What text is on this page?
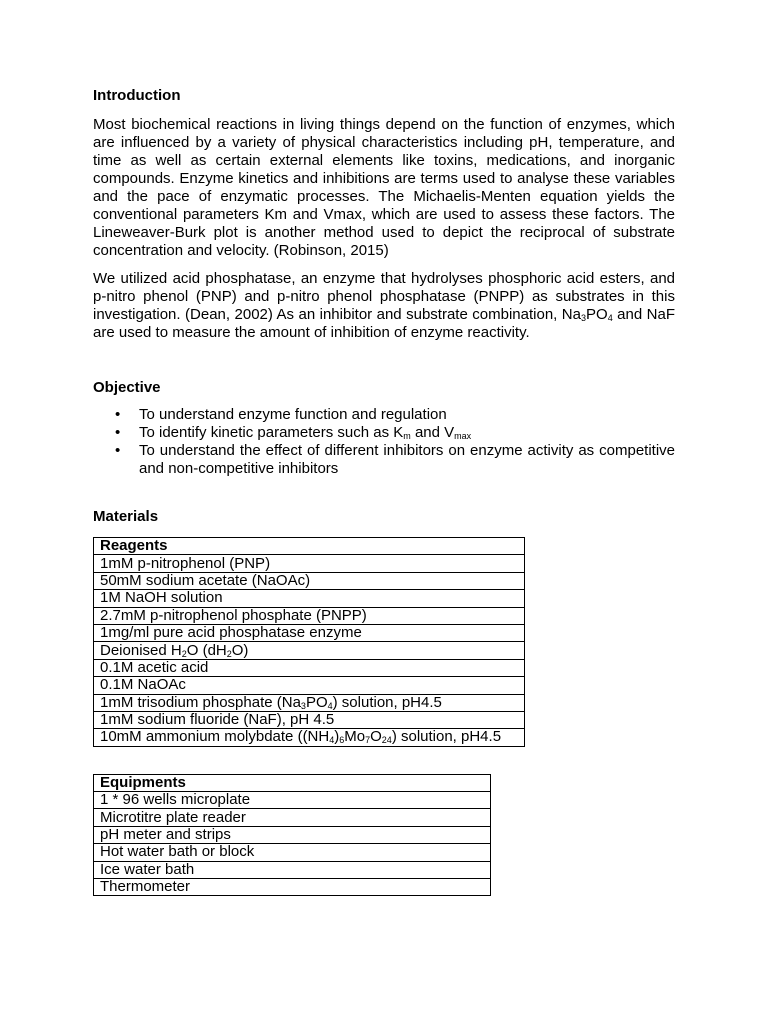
Introduction

Most biochemical reactions in living things depend on the function of enzymes, which are influenced by a variety of physical characteristics including pH, temperature, and time as well as certain external elements like toxins, medications, and inorganic compounds. Enzyme kinetics and inhibitions are terms used to analyse these variables and the pace of enzymatic processes. The Michaelis-Menten equation yields the conventional parameters Km and Vmax, which are used to assess these factors. The Lineweaver-Burk plot is another method used to depict the reciprocal of substrate concentration and velocity. (Robinson, 2015)

We utilized acid phosphatase, an enzyme that hydrolyses phosphoric acid esters, and p-nitro phenol (PNP) and p-nitro phenol phosphatase (PNPP) as substrates in this investigation. (Dean, 2002) As an inhibitor and substrate combination, $Na_3PO_4$ and NaF are used to measure the amount of inhibition of enzyme reactivity.

Objective
• To understand enzyme function and regulation
• To identify kinetic parameters such as $K_m$ and $V_{max}$
• To understand the effect of different inhibitors on enzyme activity as competitive and non-competitive inhibitors
Materials
Reagents
1mM p-nitrophenol (PNP)
50mM sodium acetate (NaOAc)
1M NaOH solution
2.7mM p-nitrophenol phosphate (PNPP)
1mg/ml pure acid phosphatase enzyme
Deionised $H_2O$ $(dH_2O)$
0.1M acetic acid
0.1M NaOAc
1mM trisodium phosphate $(Na_3PO_4)$ solution, pH4.5
1mM sodium fluoride (NaF), pH 4.5
10mM ammonium molybdate $((NH_4)_6Mo_7O_{24})$ solution, pH4.5
Equipments
1 * 96 wells microplate
Microtitre plate reader
pH meter and strips
Hot water bath or block
Ice water bath
Thermometer
